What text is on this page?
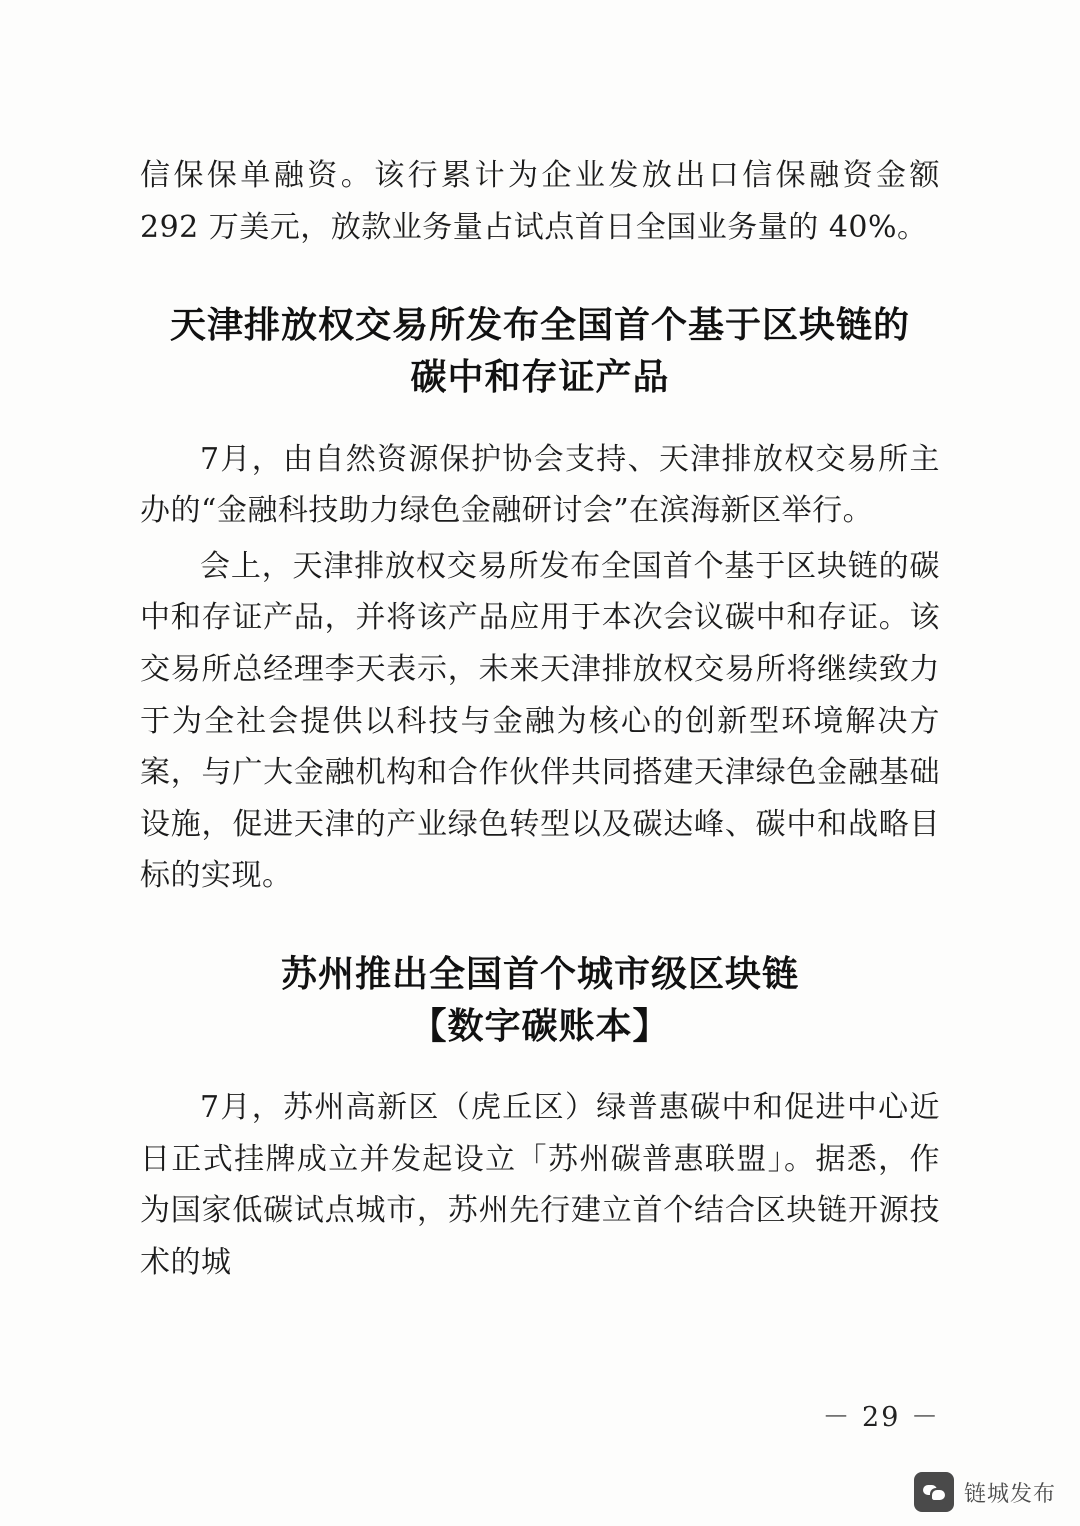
信保保单融资。该行累计为企业发放出口信保融资金额 292 万美元，放款业务量占试点首日全国业务量的 40%。

天津排放权交易所发布全国首个基于区块链的
碳中和存证产品

7月，由自然资源保护协会支持、天津排放权交易所主办的“金融科技助力绿色金融研讨会”在滨海新区举行。

会上，天津排放权交易所发布全国首个基于区块链的碳中和存证产品，并将该产品应用于本次会议碳中和存证。该交易所总经理李天表示，未来天津排放权交易所将继续致力于为全社会提供以科技与金融为核心的创新型环境解决方案，与广大金融机构和合作伙伴共同搭建天津绿色金融基础设施，促进天津的产业绿色转型以及碳达峰、碳中和战略目标的实现。

苏州推出全国首个城市级区块链
【数字碳账本】

7月，苏州高新区（虎丘区）绿普惠碳中和促进中心近日正式挂牌成立并发起设立「苏州碳普惠联盟」。据悉，作为国家低碳试点城市，苏州先行建立首个结合区块链开源技术的城

－ 29 －
链城发布
